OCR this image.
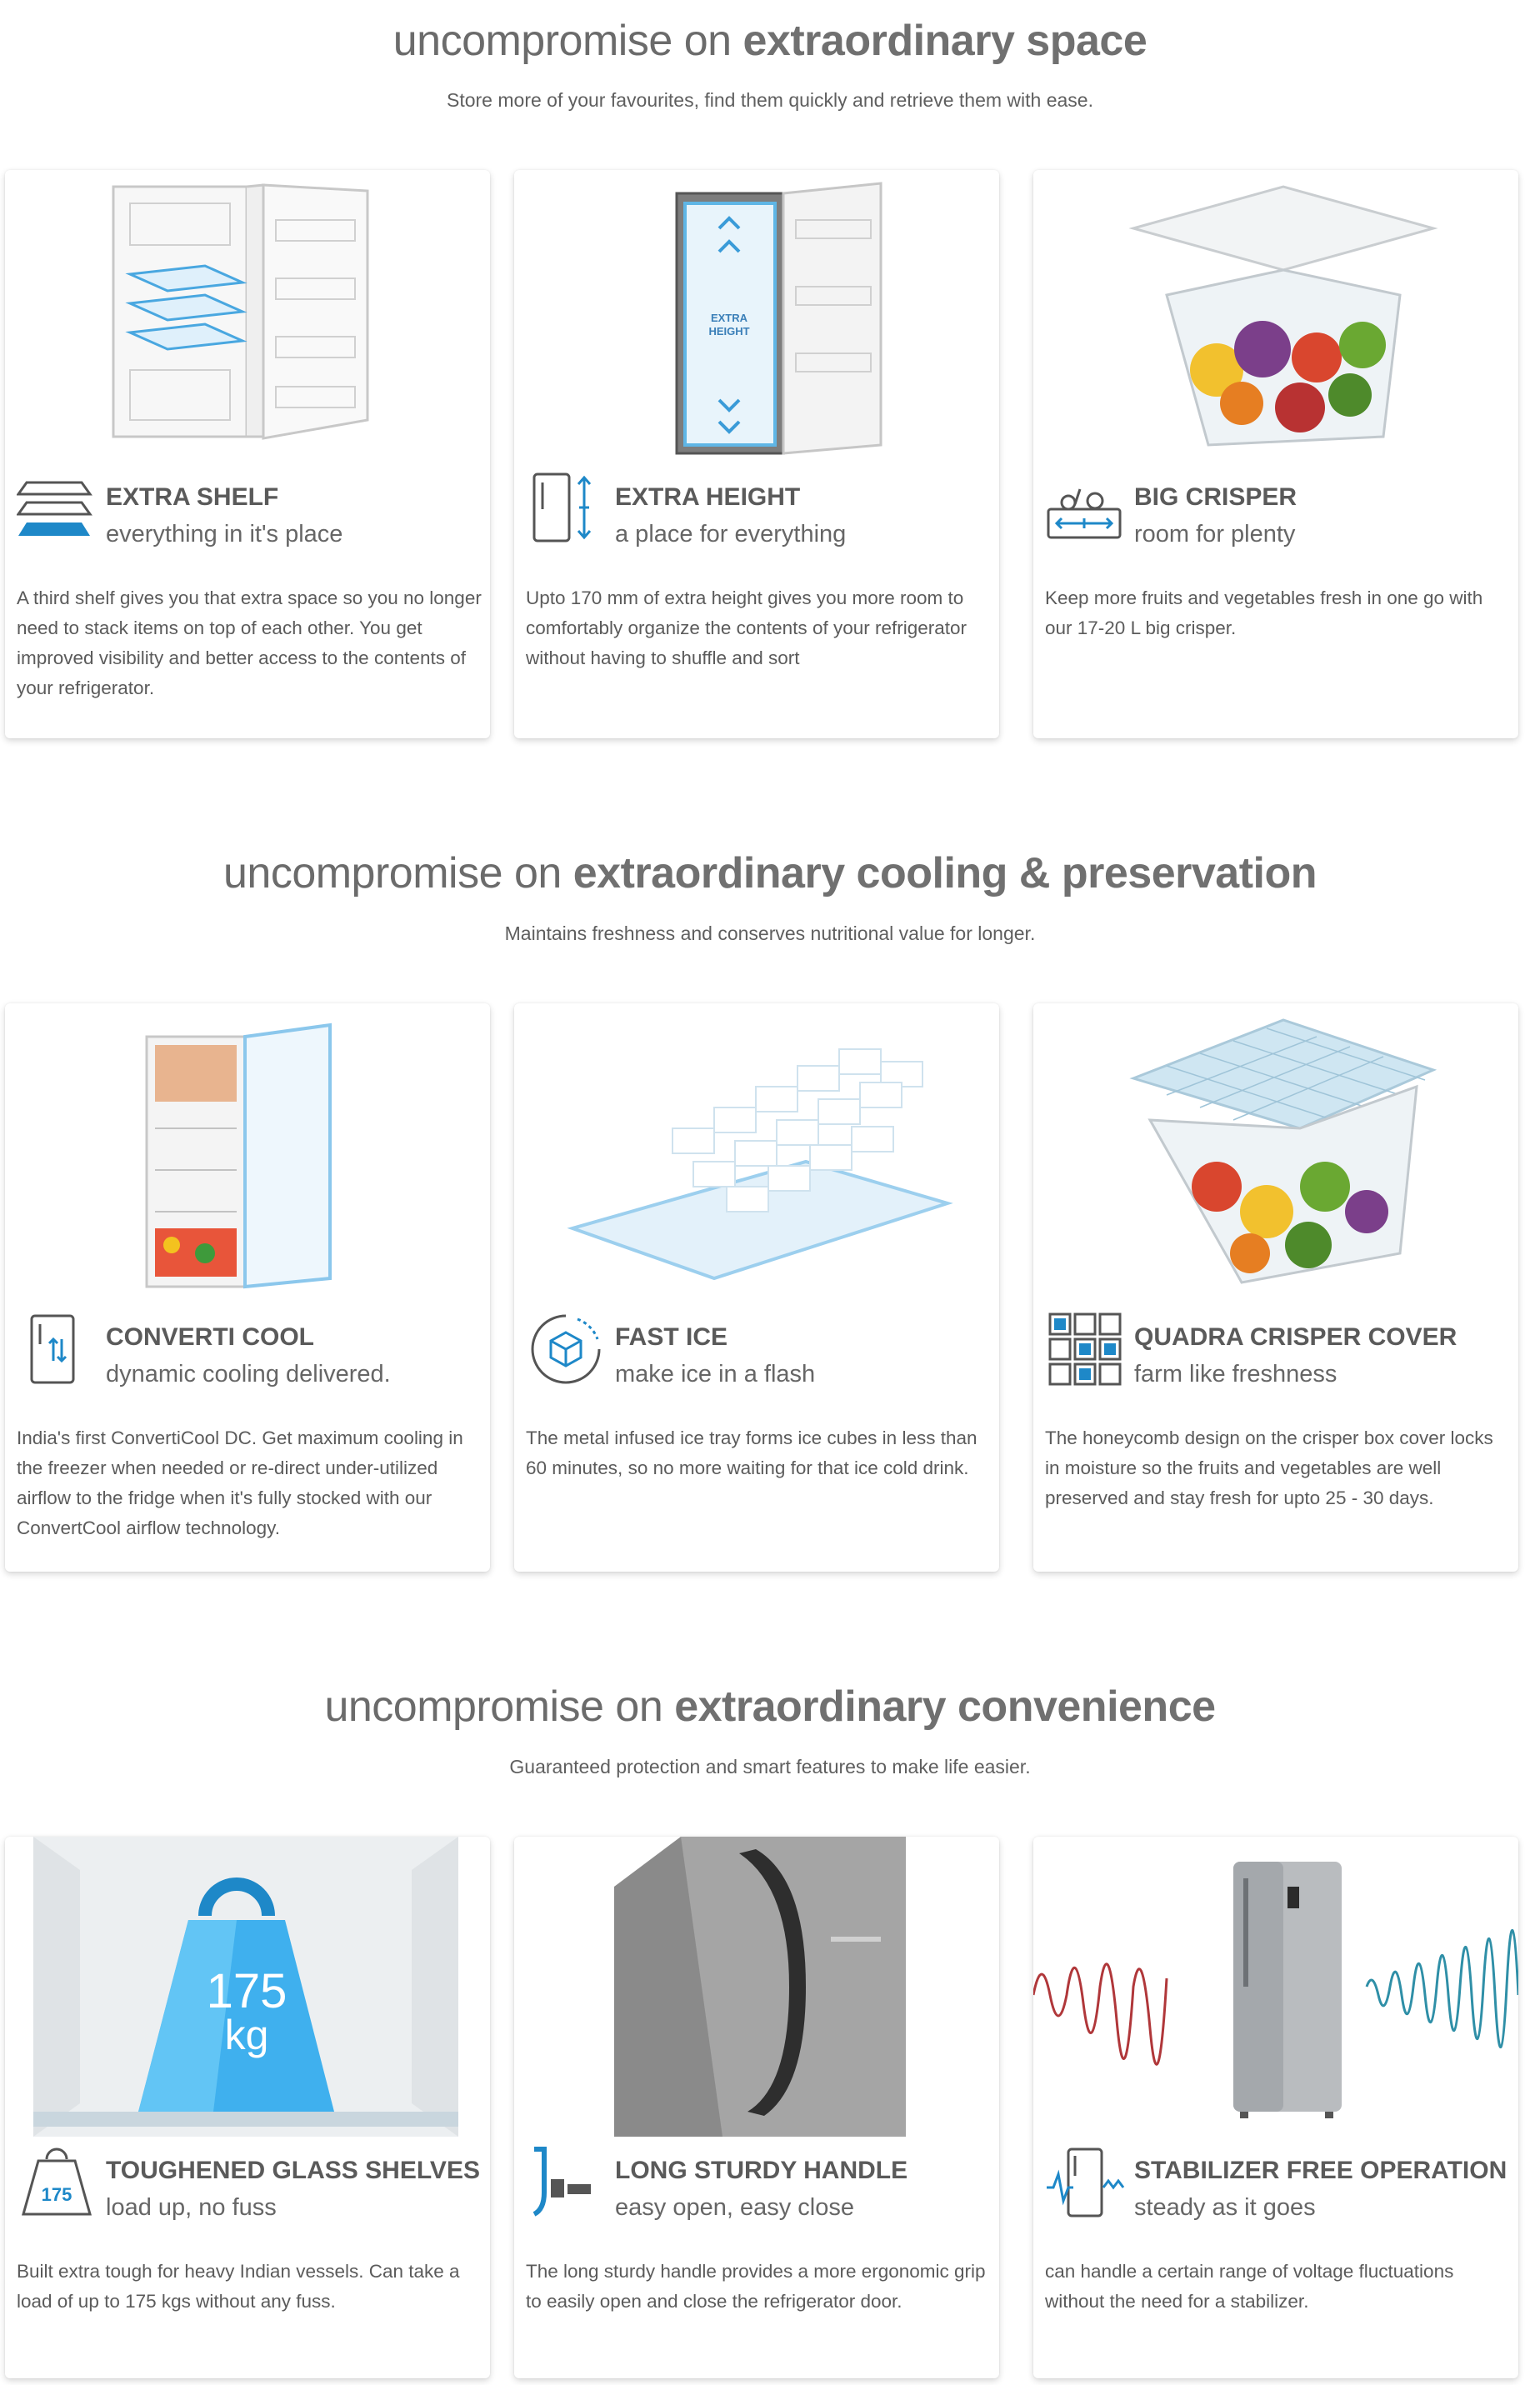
uncompromise on extraordinary space
Store more of your favourites, find them quickly and retrieve them with ease.
EXTRA SHELF
everything in it's place
A third shelf gives you that extra space so you no longer need to stack items on top of each other. You get improved visibility and better access to the contents of your refrigerator.
EXTRA
HEIGHT
EXTRA HEIGHT
a place for everything
Upto 170 mm of extra height gives you more room to comfortably organize the contents of your refrigerator without having to shuffle and sort
BIG CRISPER
room for plenty
Keep more fruits and vegetables fresh in one go with our 17-20 L big crisper.
uncompromise on extraordinary cooling & preservation
Maintains freshness and conserves nutritional value for longer.
CONVERTI COOL
dynamic cooling delivered.
India's first ConvertiCool DC. Get maximum cooling in the freezer when needed or re-direct under-utilized airflow to the fridge when it's fully stocked with our ConvertCool airflow technology.
FAST ICE
make ice in a flash
The metal infused ice tray forms ice cubes in less than 60 minutes, so no more waiting for that ice cold drink.
QUADRA CRISPER COVER
farm like freshness
The honeycomb design on the crisper box cover locks in moisture so the fruits and vegetables are well preserved and stay fresh for upto 25 - 30 days.
uncompromise on extraordinary convenience
Guaranteed protection and smart features to make life easier.
175
kg
175
TOUGHENED GLASS SHELVES
load up, no fuss
Built extra tough for heavy Indian vessels. Can take a load of up to 175 kgs without any fuss.
LONG STURDY HANDLE
easy open, easy close
The long sturdy handle provides a more ergonomic grip to easily open and close the refrigerator door.
STABILIZER FREE OPERATION
steady as it goes
can handle a certain range of voltage fluctuations without the need for a stabilizer.
